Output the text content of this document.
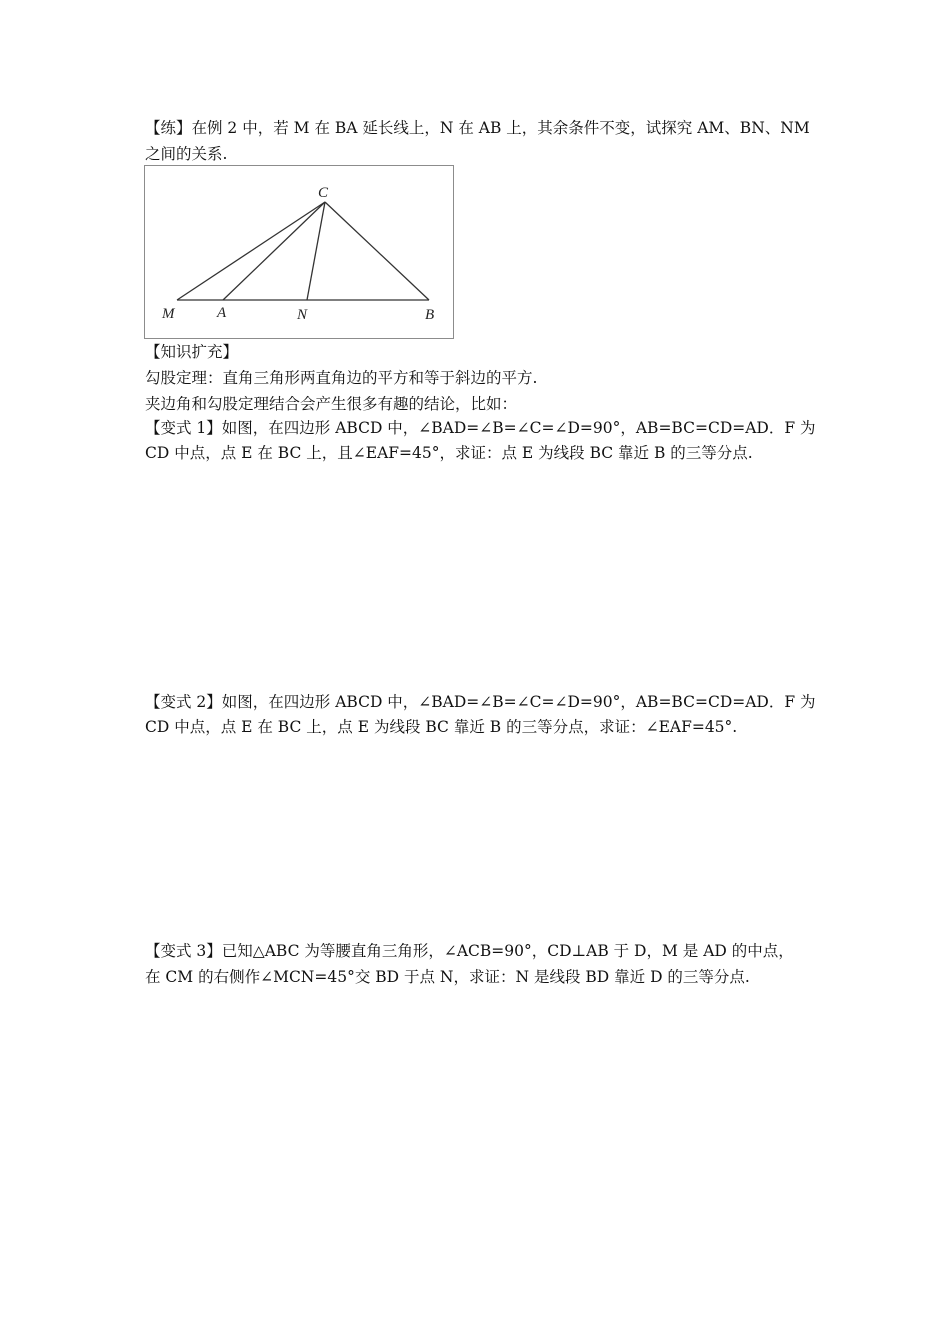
【练】在例 2 中，若 M 在 BA 延长线上，N 在 AB 上，其余条件不变，试探究 AM、BN、NM
之间的关系.
C
M	A	N	B
【知识扩充】
勾股定理：直角三角形两直角边的平方和等于斜边的平方.
夹边角和勾股定理结合会产生很多有趣的结论，比如：
【变式 1】如图，在四边形 ABCD 中，∠BAD=∠B=∠C=∠D=90°，AB=BC=CD=AD．F 为
CD 中点，点 E 在 BC 上，且∠EAF=45°，求证：点 E 为线段 BC 靠近 B 的三等分点.
【变式 2】如图，在四边形 ABCD 中，∠BAD=∠B=∠C=∠D=90°，AB=BC=CD=AD．F 为
CD 中点，点 E 在 BC 上，点 E 为线段 BC 靠近 B 的三等分点，求证：∠EAF=45°.
【变式 3】已知△ABC 为等腰直角三角形，∠ACB=90°，CD⊥AB 于 D，M 是 AD 的中点，
在 CM 的右侧作∠MCN=45°交 BD 于点 N，求证：N 是线段 BD 靠近 D 的三等分点.
